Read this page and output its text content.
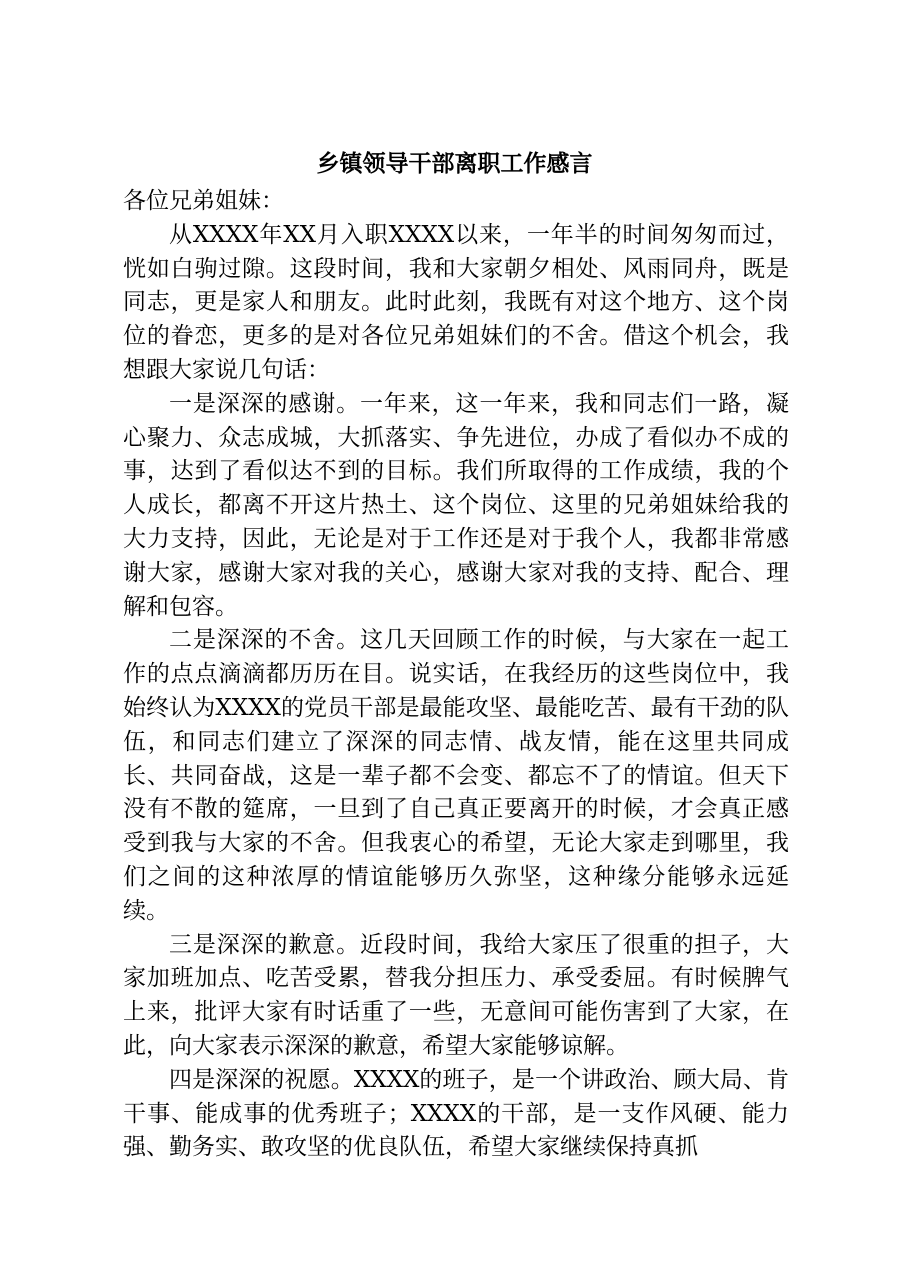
乡镇领导干部离职工作感言

各位兄弟姐妹：

从XXXX年XX月入职XXXX以来，一年半的时间匆匆而过，恍如白驹过隙。这段时间，我和大家朝夕相处、风雨同舟，既是同志，更是家人和朋友。此时此刻，我既有对这个地方、这个岗位的眷恋，更多的是对各位兄弟姐妹们的不舍。借这个机会，我想跟大家说几句话：

一是深深的感谢。一年来，这一年来，我和同志们一路，凝心聚力、众志成城，大抓落实、争先进位，办成了看似办不成的事，达到了看似达不到的目标。我们所取得的工作成绩，我的个人成长，都离不开这片热土、这个岗位、这里的兄弟姐妹给我的大力支持，因此，无论是对于工作还是对于我个人，我都非常感谢大家，感谢大家对我的关心，感谢大家对我的支持、配合、理解和包容。

二是深深的不舍。这几天回顾工作的时候，与大家在一起工作的点点滴滴都历历在目。说实话，在我经历的这些岗位中，我始终认为XXXX的党员干部是最能攻坚、最能吃苦、最有干劲的队伍，和同志们建立了深深的同志情、战友情，能在这里共同成长、共同奋战，这是一辈子都不会变、都忘不了的情谊。但天下没有不散的筵席，一旦到了自己真正要离开的时候，才会真正感受到我与大家的不舍。但我衷心的希望，无论大家走到哪里，我们之间的这种浓厚的情谊能够历久弥坚，这种缘分能够永远延续。

三是深深的歉意。近段时间，我给大家压了很重的担子，大家加班加点、吃苦受累，替我分担压力、承受委屈。有时候脾气上来，批评大家有时话重了一些，无意间可能伤害到了大家，在此，向大家表示深深的歉意，希望大家能够谅解。

四是深深的祝愿。XXXX的班子，是一个讲政治、顾大局、肯干事、能成事的优秀班子；XXXX的干部，是一支作风硬、能力强、勤务实、敢攻坚的优良队伍，希望大家继续保持真抓
